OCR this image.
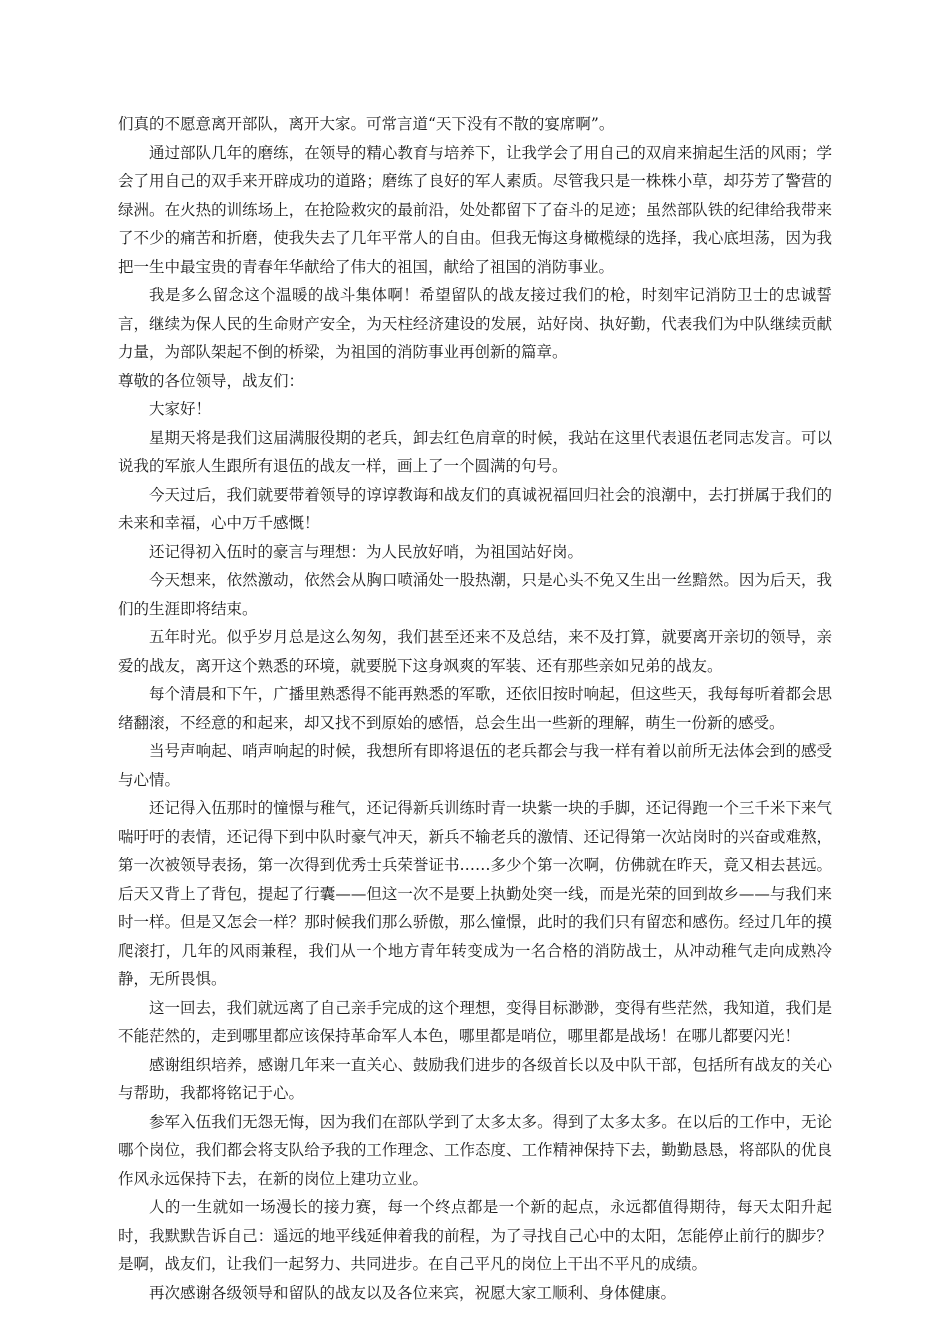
们真的不愿意离开部队，离开大家。可常言道“天下没有不散的宴席啊”。

通过部队几年的磨练，在领导的精心教育与培养下，让我学会了用自己的双肩来掮起生活的风雨；学会了用自己的双手来开辟成功的道路；磨练了良好的军人素质。尽管我只是一株株小草，却芬芳了警营的绿洲。在火热的训练场上，在抢险救灾的最前沿，处处都留下了奋斗的足迹；虽然部队铁的纪律给我带来了不少的痛苦和折磨，使我失去了几年平常人的自由。但我无悔这身橄榄绿的选择，我心底坦荡，因为我把一生中最宝贵的青春年华献给了伟大的祖国，献给了祖国的消防事业。

我是多么留念这个温暖的战斗集体啊！希望留队的战友接过我们的枪，时刻牢记消防卫士的忠诚誓言，继续为保人民的生命财产安全，为天柱经济建设的发展，站好岗、执好勤，代表我们为中队继续贡献力量，为部队架起不倒的桥梁，为祖国的消防事业再创新的篇章。

尊敬的各位领导，战友们：

大家好！

星期天将是我们这届满服役期的老兵，卸去红色肩章的时候，我站在这里代表退伍老同志发言。可以说我的军旅人生跟所有退伍的战友一样，画上了一个圆满的句号。

今天过后，我们就要带着领导的谆谆教诲和战友们的真诚祝福回归社会的浪潮中，去打拼属于我们的未来和幸福，心中万千感慨！

还记得初入伍时的豪言与理想：为人民放好哨，为祖国站好岗。

今天想来，依然激动，依然会从胸口喷涌处一股热潮，只是心头不免又生出一丝黯然。因为后天，我们的生涯即将结束。

五年时光。似乎岁月总是这么匆匆，我们甚至还来不及总结，来不及打算，就要离开亲切的领导，亲爱的战友，离开这个熟悉的环境，就要脱下这身飒爽的军装、还有那些亲如兄弟的战友。

每个清晨和下午，广播里熟悉得不能再熟悉的军歌，还依旧按时响起，但这些天，我每每听着都会思绪翻滚，不经意的和起来，却又找不到原始的感悟，总会生出一些新的理解，萌生一份新的感受。

当号声响起、哨声响起的时候，我想所有即将退伍的老兵都会与我一样有着以前所无法体会到的感受与心情。

还记得入伍那时的憧憬与稚气，还记得新兵训练时青一块紫一块的手脚，还记得跑一个三千米下来气喘吁吁的表情，还记得下到中队时豪气冲天，新兵不输老兵的激情、还记得第一次站岗时的兴奋或难熬，第一次被领导表扬，第一次得到优秀士兵荣誉证书……多少个第一次啊，仿佛就在昨天，竟又相去甚远。后天又背上了背包，提起了行囊——但这一次不是要上执勤处突一线，而是光荣的回到故乡——与我们来时一样。但是又怎会一样？那时候我们那么骄傲，那么憧憬，此时的我们只有留恋和感伤。经过几年的摸爬滚打，几年的风雨兼程，我们从一个地方青年转变成为一名合格的消防战士，从冲动稚气走向成熟冷静，无所畏惧。

这一回去，我们就远离了自己亲手完成的这个理想，变得目标渺渺，变得有些茫然，我知道，我们是不能茫然的，走到哪里都应该保持革命军人本色，哪里都是哨位，哪里都是战场！在哪儿都要闪光！

感谢组织培养，感谢几年来一直关心、鼓励我们进步的各级首长以及中队干部，包括所有战友的关心与帮助，我都将铭记于心。

参军入伍我们无怨无悔，因为我们在部队学到了太多太多。得到了太多太多。在以后的工作中，无论哪个岗位，我们都会将支队给予我的工作理念、工作态度、工作精神保持下去，勤勤恳恳，将部队的优良作风永远保持下去，在新的岗位上建功立业。

人的一生就如一场漫长的接力赛，每一个终点都是一个新的起点，永远都值得期待，每天太阳升起时，我默默告诉自己：遥远的地平线延伸着我的前程，为了寻找自己心中的太阳，怎能停止前行的脚步？是啊，战友们，让我们一起努力、共同进步。在自己平凡的岗位上干出不平凡的成绩。

再次感谢各级领导和留队的战友以及各位来宾，祝愿大家工顺利、身体健康。
